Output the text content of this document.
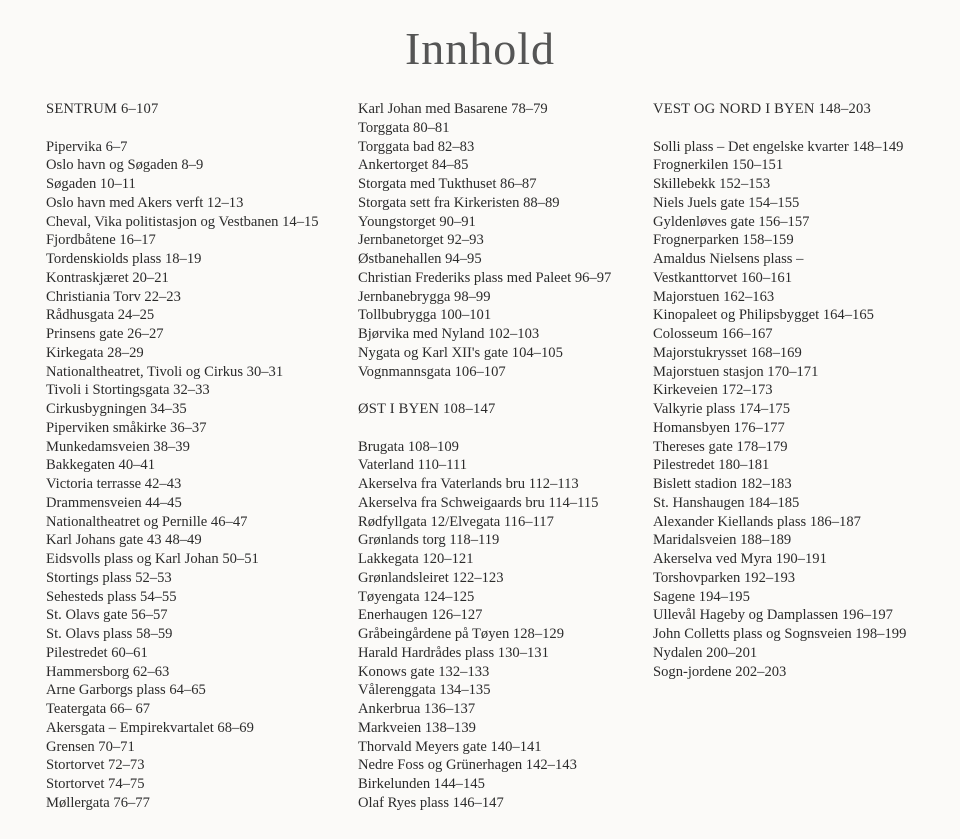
Innhold
SENTRUM 6–107
Pipervika 6–7
Oslo havn og Søgaden 8–9
Søgaden 10–11
Oslo havn med Akers verft 12–13
Cheval, Vika politistasjon og Vestbanen 14–15
Fjordbåtene 16–17
Tordenskiolds plass 18–19
Kontraskjæret 20–21
Christiania Torv 22–23
Rådhusgata 24–25
Prinsens gate 26–27
Kirkegata 28–29
Nationaltheatret, Tivoli og Cirkus 30–31
Tivoli i Stortingsgata 32–33
Cirkusbygningen 34–35
Piperviken småkirke 36–37
Munkedamsveien 38–39
Bakkegaten 40–41
Victoria terrasse 42–43
Drammensveien 44–45
Nationaltheatret og Pernille 46–47
Karl Johans gate 43 48–49
Eidsvolls plass og Karl Johan 50–51
Stortings plass 52–53
Sehesteds plass 54–55
St. Olavs gate 56–57
St. Olavs plass 58–59
Pilestredet 60–61
Hammersborg 62–63
Arne Garborgs plass 64–65
Teatergata 66– 67
Akersgata – Empirekvartalet 68–69
Grensen 70–71
Stortorvet 72–73
Stortorvet 74–75
Møllergata 76–77
Karl Johan med Basarene 78–79
Torggata 80–81
Torggata bad 82–83
Ankertorget 84–85
Storgata med Tukthuset 86–87
Storgata sett fra Kirkeristen 88–89
Youngstorget 90–91
Jernbanetorget 92–93
Østbanehallen 94–95
Christian Frederiks plass med Paleet 96–97
Jernbanebrygga 98–99
Tollbubrygga 100–101
Bjørvika med Nyland 102–103
Nygata og Karl XII's gate 104–105
Vognmannsgata 106–107
ØST I BYEN 108–147
Brugata 108–109
Vaterland 110–111
Akerselva fra Vaterlands bru 112–113
Akerselva fra Schweigaards bru 114–115
Rødfyllgata 12/Elvegata 116–117
Grønlands torg 118–119
Lakkegata 120–121
Grønlandsleiret 122–123
Tøyengata 124–125
Enerhaugen 126–127
Gråbeingårdene på Tøyen 128–129
Harald Hardrådes plass 130–131
Konows gate 132–133
Vålerenggata 134–135
Ankerbrua 136–137
Markveien 138–139
Thorvald Meyers gate 140–141
Nedre Foss og Grünerhagen 142–143
Birkelunden 144–145
Olaf Ryes plass 146–147
VEST OG NORD I BYEN 148–203
Solli plass – Det engelske kvarter 148–149
Frognerkilen 150–151
Skillebekk 152–153
Niels Juels gate 154–155
Gyldenløves gate 156–157
Frognerparken 158–159
Amaldus Nielsens plass –
Vestkanttorvet 160–161
Majorstuen 162–163
Kinopaleet og Philipsbygget 164–165
Colosseum 166–167
Majorstukrysset 168–169
Majorstuen stasjon 170–171
Kirkeveien 172–173
Valkyrie plass 174–175
Homansbyen 176–177
Thereses gate 178–179
Pilestredet 180–181
Bislett stadion 182–183
St. Hanshaugen 184–185
Alexander Kiellands plass 186–187
Maridalsveien 188–189
Akerselva ved Myra 190–191
Torshovparken 192–193
Sagene 194–195
Ullevål Hageby og Damplassen 196–197
John Colletts plass og Sognsveien 198–199
Nydalen 200–201
Sogn-jordene 202–203
